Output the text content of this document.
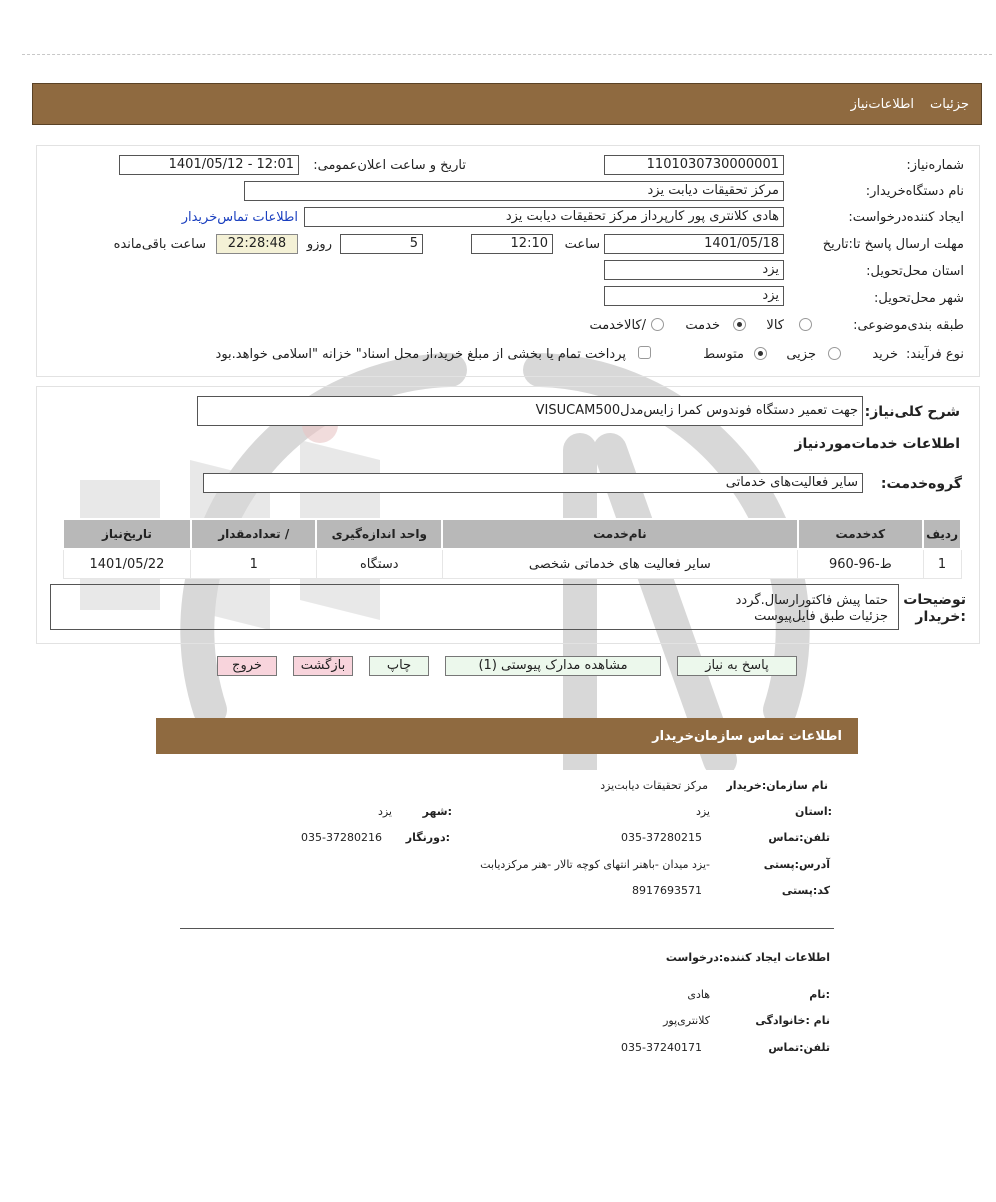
جزئیات
اطلاعات‌نیاز
شماره‌نیاز:
1101030730000001
تاریخ و ساعت اعلان‌عمومی:
1401/05/12 - 12:01
نام دستگاه‌خریدار:
مرکز تحقیقات دیابت یزد
ایجاد کننده‌درخواست:
هادی کلانتری پور کارپرداز مرکز تحقیقات دیابت یزد
اطلاعات تماس‌خریدار
مهلت ارسال پاسخ تا:تاریخ
1401/05/18
ساعت
12:10
5
روزو
22:28:48
ساعت باقی‌مانده
استان محل‌تحویل:
یزد
شهر محل‌تحویل:
یزد
طبقه بندی‌موضوعی:
کالا
خدمت
/کالاخدمت
نوع فرآیند:
خرید
جزیی
متوسط
پرداخت تمام یا بخشی از مبلغ خرید،از محل اسناد" خزانه "اسلامی خواهد.بود
شرح کلی‌نیاز:
جهت تعمیر دستگاه فوندوس کمرا زایس‌مدلVISUCAM500
اطلاعات خدمات‌موردنیاز
گروه‌خدمت:
سایر فعالیت‌های خدماتی
ردیف	کدخدمت	نام‌خدمت	واحد اندازه‌گیری	/ تعدادمقدار	تاریخ‌نیاز
1	ط-96-960	سایر فعالیت های خدماتی شخصی	دستگاه	1	1401/05/22
توضیحات
:خریدار
حتما پیش فاکتورارسال.گردد
جزئیات طبق فایل‌پیوست
پاسخ به نیاز
مشاهده مدارک پیوستی (1)
چاپ
بازگشت
خروج
اطلاعات تماس سازمان‌خریدار
نام سازمان‌:خریدار
مرکز تحقیقات دیابت‌یزد
:استان
یزد
:شهر
یزد
تلفن‌:تماس
035-37280215
:دورنگار
035-37280216
آدرس‌:پستی
-یزد میدان -باهنر انتهای کوچه تالار -هنر مرکزدیابت
کد‌:پستی
8917693571
اطلاعات ایجاد کننده‌:درخواست
:نام
هادی
نام :خانوادگی
کلانتری‌پور
تلفن‌:تماس
035-37240171
